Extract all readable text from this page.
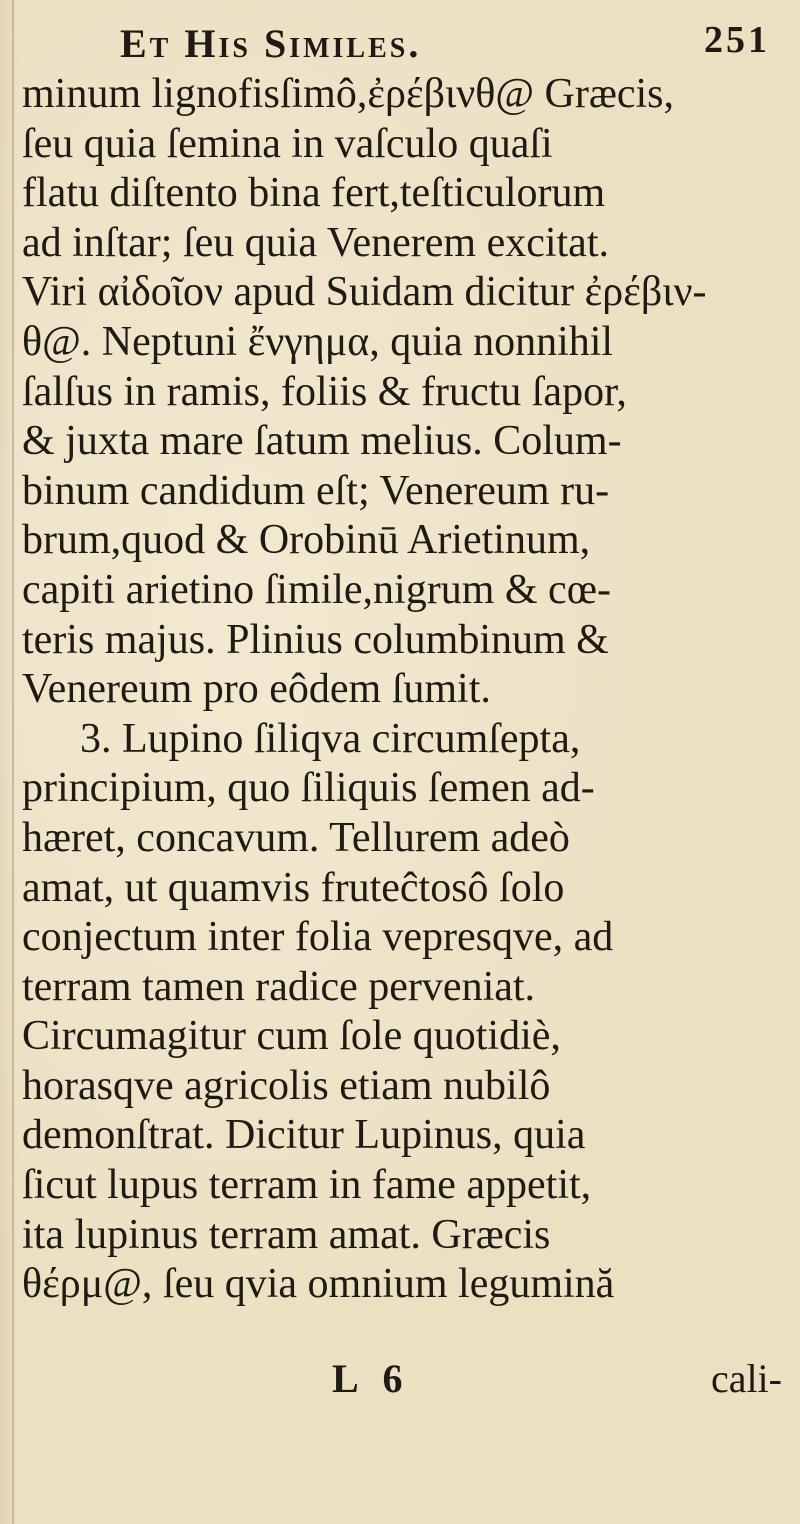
Et His Similes.	251
minum lignofisſimô,ἐρέβινθ@ Græcis,
ſeu quia ſemina in vaſculo quaſi
flatu diſtento bina fert,teſticulorum
ad inſtar; ſeu quia Venerem excitat.
Viri αἰδοῖον apud Suidam dicitur ἐρέβιν-
θ@. Neptuni ἔνγημα, quia nonnihil
ſalſus in ramis, foliis & fructu ſapor,
& juxta mare ſatum melius. Colum-
binum candidum eſt; Venereum ru-
brum,quod & Orobinū Arietinum,
capiti arietino ſimile,nigrum & cœ-
teris majus. Plinius columbinum &
Venereum pro eôdem ſumit.
3. Lupino ſiliqva circumſepta,
principium, quo ſiliquis ſemen ad-
hæret, concavum. Tellurem adeò
amat, ut quamvis fruteĉtosô ſolo
conjectum inter folia vepresqve, ad
terram tamen radice perveniat.
Circumagitur cum ſole quotidiè,
horasqve agricolis etiam nubilô
demonſtrat. Dicitur Lupinus, quia
ſicut lupus terram in fame appetit,
ita lupinus terram amat. Græcis
θέρμ@, ſeu qvia omnium legumină
L 6	cali-
